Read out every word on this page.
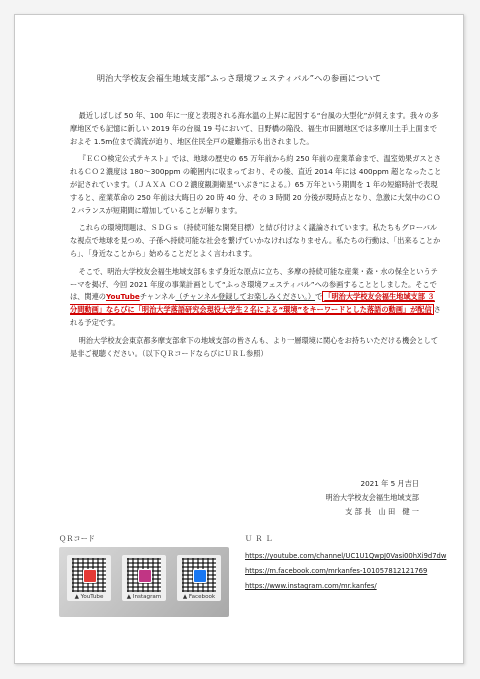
明治大学校友会福生地域支部“ふっさ環境フェスティバル”への参画について

最近しばしば 50 年、100 年に一度と表現される海水温の上昇に起因する“台風の大型化”が伺えます。我々の多摩地区でも記憶に新しい 2019 年の台風 19 号において、日野橋の陥没、福生市田園地区では多摩川土手上面までおよそ 1.5m位まで満流が迫り、地区住民全戸の避難指示も出されました。

『ＥＣＯ検定公式テキスト』では、地球の歴史の 65 万年前から約 250 年前の産業革命まで、温室効果ガスとされるＣＯ２濃度は 180～300ppm の範囲内に収まっており、その後、直近 2014 年には 400ppm 超となったことが記されています。（ＪＡＸＡ ＣＯ２濃度観測衛星“いぶき”による。）65 万年という期間を 1 年の短縮時計で表現すると、産業革命の 250 年前は大晦日の 20 時 40 分、その 3 時間 20 分後が現時点となり、急激に大気中のＣＯ２バランスが短期間に増加していることが解ります。

これらの環境問題は、ＳＤＧｓ（持続可能な開発目標）と結び付けよく議論されています。私たちもグローバルな視点で地球を見つめ、子孫へ持続可能な社会を繋げていかなければなりません。私たちの行動は、「出来ることから」、「身近なことから」始めることだとよく言われます。

そこで、明治大学校友会福生地域支部もまず身近な原点に立ち、多摩の持続可能な産業・森・水の保全というテーマを掲げ、今回 2021 年度の事業計画として“ふっさ環境フェスティバル”への参画することとしました。そこでは、関連のYouTubeチャンネル（チャンネル登録してお楽しみください。）で 「明治大学校友会福生地域支部 ３ 分間動画」ならびに「明治大学落語研究会現役大学生２名による“環境”をキーワードとした落語の動画」が配信 される予定です。

明治大学校友会東京都多摩支部傘下の地域支部の皆さんも、より一層環境に関心をお持ちいただける機会として是非ご視聴ください。（以下ＱＲコードならびにＵＲＬ参照）

2021 年 5 月吉日
明治大学校友会福生地域支部
支 部 長　山 田　健 一
ＱＲコード
▲ YouTube	▲ Instagram	▲ Facebook
ＵＲＬ
https://youtube.com/channel/UC1U1QwpJ0Vasi00hXi9d7dw
https://m.facebook.com/mrkanfes-101057812121769
https://www.instagram.com/mr.kanfes/
